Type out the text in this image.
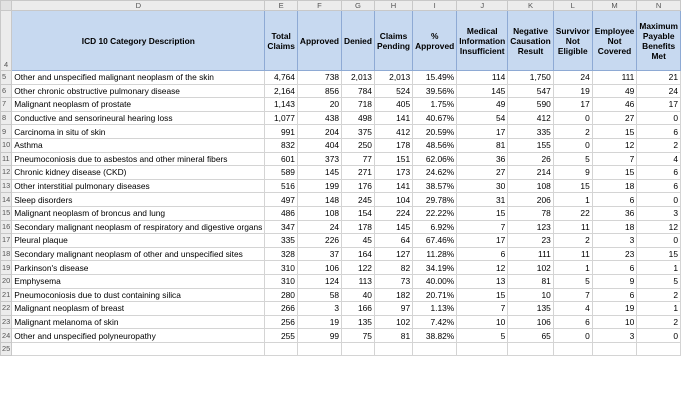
	D	E	F	G	H	I	J	K	L	M	N
4	ICD 10 Category Description	Total Claims	Approved	Denied	Claims Pending	% Approved	Medical Information Insufficient	Negative Causation Result	Survivor Not Eligible	Employee Not Covered	Maximum Payable Benefits Met
5	Other and unspecified malignant neoplasm of the skin	4,764	738	2,013	2,013	15.49%	114	1,750	24	111	21
6	Other chronic obstructive pulmonary disease	2,164	856	784	524	39.56%	145	547	19	49	24
7	Malignant neoplasm of prostate	1,143	20	718	405	1.75%	49	590	17	46	17
8	Conductive and sensorineural hearing loss	1,077	438	498	141	40.67%	54	412	0	27	0
9	Carcinoma in situ of skin	991	204	375	412	20.59%	17	335	2	15	6
10	Asthma	832	404	250	178	48.56%	81	155	0	12	2
11	Pneumoconiosis due to asbestos and other mineral fibers	601	373	77	151	62.06%	36	26	5	7	4
12	Chronic kidney disease (CKD)	589	145	271	173	24.62%	27	214	9	15	6
13	Other interstitial pulmonary diseases	516	199	176	141	38.57%	30	108	15	18	6
14	Sleep disorders	497	148	245	104	29.78%	31	206	1	6	0
15	Malignant neoplasm of broncus and lung	486	108	154	224	22.22%	15	78	22	36	3
16	Secondary malignant neoplasm of respiratory and digestive organs	347	24	178	145	6.92%	7	123	11	18	12
17	Pleural plaque	335	226	45	64	67.46%	17	23	2	3	0
18	Secondary malignant neoplasm of other and unspecified sites	328	37	164	127	11.28%	6	111	11	23	15
19	Parkinson's disease	310	106	122	82	34.19%	12	102	1	6	1
20	Emphysema	310	124	113	73	40.00%	13	81	5	9	5
21	Pneumoconiosis due to dust containing silica	280	58	40	182	20.71%	15	10	7	6	2
22	Malignant neoplasm of breast	266	3	166	97	1.13%	7	135	4	19	1
23	Malignant melanoma of skin	256	19	135	102	7.42%	10	106	6	10	2
24	Other and unspecified polyneuropathy	255	99	75	81	38.82%	5	65	0	3	0
25											
